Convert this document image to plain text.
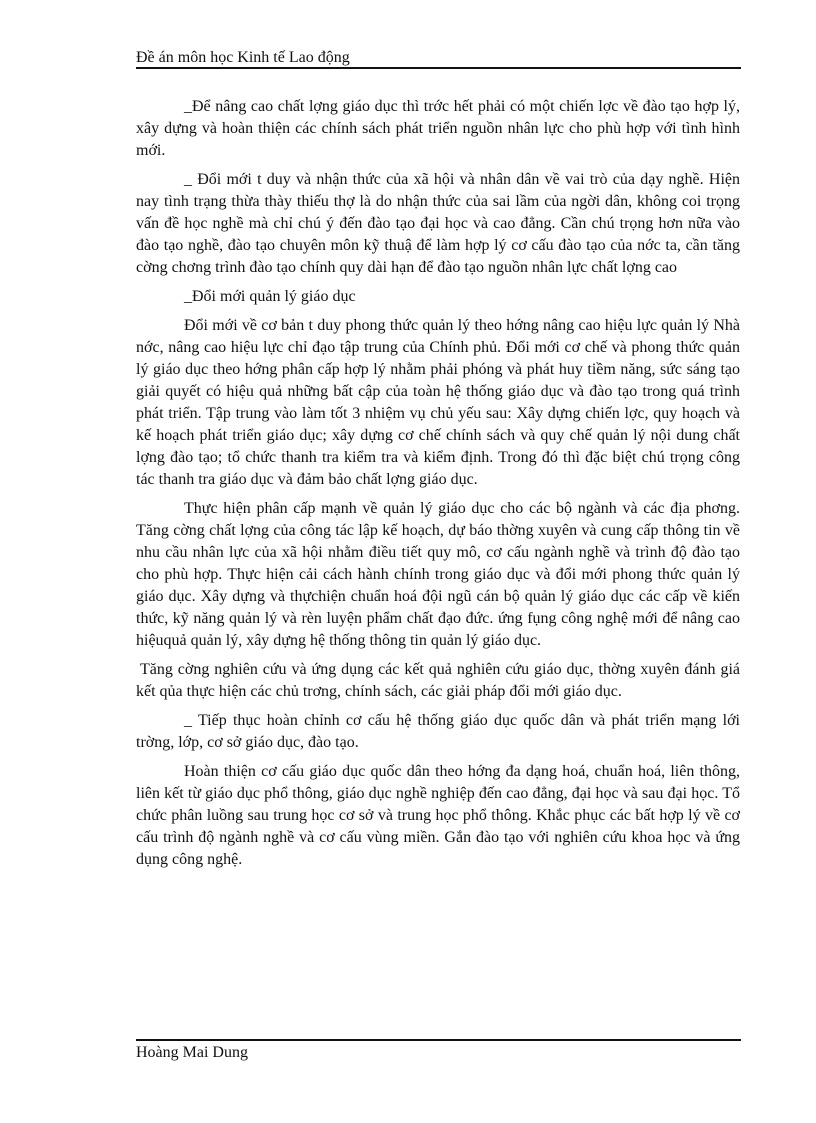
Đề án môn học Kinh tế Lao động

_Để nâng cao chất lợng giáo dục thì trớc hết phải có một chiến lợc về đào tạo hợp lý, xây dựng và hoàn thiện các chính sách phát triển nguồn nhân lực cho phù hợp với tình hình mới.

_ Đổi mới t duy và nhận thức của xã hội và nhân dân về vai trò của dạy nghề. Hiện nay tình trạng thừa thày thiếu thợ là do nhận thức của sai lầm của ngời dân, không coi trọng vấn đề học nghề mà chỉ chú ý đến đào tạo đại học và cao đẳng. Cần chú trọng hơn nữa vào đào tạo nghề, đào tạo chuyên môn kỹ thuậ để làm hợp lý cơ cấu đào tạo của nớc ta, cần tăng cờng chơng trình đào tạo chính quy dài hạn để đào tạo nguồn nhân lực chất lợng cao

_Đổi mới quản lý giáo dục

Đổi mới về cơ bản t duy phong thức quản lý theo hớng nâng cao hiệu lực quản lý Nhà nớc, nâng cao hiệu lực chỉ đạo tập trung của Chính phủ. Đổi mới cơ chế và phong thức quản lý giáo dục theo hớng phân cấp hợp lý nhằm phải phóng và phát huy tiềm năng, sức sáng tạo giải quyết có hiệu quả những bất cập của toàn hệ thống giáo dục và đào tạo trong quá trình phát triển. Tập trung vào làm tốt 3 nhiệm vụ chủ yếu sau: Xây dựng chiến lợc, quy hoạch và kế hoạch phát triển giáo dục; xây dựng cơ chế chính sách và quy chế quản lý nội dung chất lợng đào tạo; tổ chức thanh tra kiểm tra và kiểm định. Trong đó thì đặc biệt chú trọng công tác thanh tra giáo dục và đảm bảo chất lợng giáo dục.

Thực hiện phân cấp mạnh về quản lý giáo dục cho các bộ ngành và các địa phơng. Tăng cờng chất lợng của công tác lập kế hoạch, dự báo thờng xuyên và cung cấp thông tin về nhu cầu nhân lực của xã hội nhằm điều tiết quy mô, cơ cấu ngành nghề và trình độ đào tạo cho phù hợp. Thực hiện cải cách hành chính trong giáo dục và đổi mới phong thức quản lý giáo dục. Xây dựng và thựchiện chuẩn hoá đội ngũ cán bộ quản lý giáo dục các cấp về kiến thức, kỹ năng quản lý và rèn luyện phẩm chất đạo đức. ứng fụng công nghệ mới để nâng cao hiệuquả quản lý, xây dựng hệ thống thông tin quản lý giáo dục.

Tăng cờng nghiên cứu và ứng dụng các kết quả nghiên cứu giáo dục, thờng xuyên đánh giá kết qủa thực hiện các chủ trơng, chính sách, các giải pháp đổi mới giáo dục.

_ Tiếp thục hoàn chỉnh cơ cấu hệ thống giáo dục quốc dân và phát triển mạng lới trờng, lớp, cơ sở giáo dục, đào tạo.

Hoàn thiện cơ cấu giáo dục quốc dân theo hớng đa dạng hoá, chuẩn hoá, liên thông, liên kết từ giáo dục phổ thông, giáo dục nghề nghiệp đến cao đẳng, đại học và sau đại học. Tổ chức phân luồng sau trung học cơ sở và trung học phổ thông. Khắc phục các bất hợp lý về cơ cấu trình độ ngành nghề và cơ cấu vùng miền. Gắn đào tạo với nghiên cứu khoa học và ứng dụng công nghệ.

Hoàng Mai Dung
